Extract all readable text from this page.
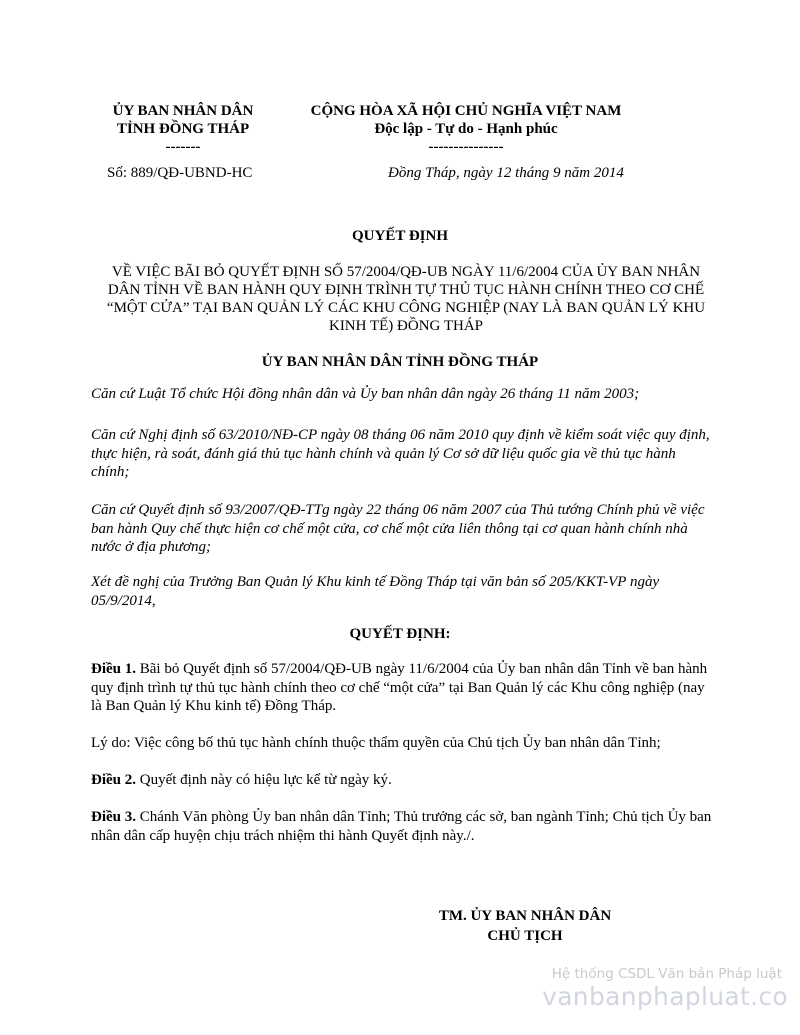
ỦY BAN NHÂN DÂN
TỈNH ĐỒNG THÁP
-------
CỘNG HÒA XÃ HỘI CHỦ NGHĨA VIỆT NAM
Độc lập - Tự do - Hạnh phúc
---------------
Số: 889/QĐ-UBND-HC	Đồng Tháp, ngày 12 tháng 9 năm 2014
QUYẾT ĐỊNH
VỀ VIỆC BÃI BỎ QUYẾT ĐỊNH SỐ 57/2004/QĐ-UB NGÀY 11/6/2004 CỦA ỦY BAN NHÂN DÂN TỈNH VỀ BAN HÀNH QUY ĐỊNH TRÌNH TỰ THỦ TỤC HÀNH CHÍNH THEO CƠ CHẾ “MỘT CỬA” TẠI BAN QUẢN LÝ CÁC KHU CÔNG NGHIỆP (NAY LÀ BAN QUẢN LÝ KHU KINH TẾ) ĐỒNG THÁP
ỦY BAN NHÂN DÂN TỈNH ĐỒNG THÁP
Căn cứ Luật Tổ chức Hội đồng nhân dân và Ủy ban nhân dân ngày 26 tháng 11 năm 2003;
Căn cứ Nghị định số 63/2010/NĐ-CP ngày 08 tháng 06 năm 2010 quy định về kiểm soát việc quy định, thực hiện, rà soát, đánh giá thủ tục hành chính và quản lý Cơ sở dữ liệu quốc gia về thủ tục hành chính;
Căn cứ Quyết định số 93/2007/QĐ-TTg ngày 22 tháng 06 năm 2007 của Thủ tướng Chính phủ về việc ban hành Quy chế thực hiện cơ chế một cửa, cơ chế một cửa liên thông tại cơ quan hành chính nhà nước ở địa phương;
Xét đề nghị của Trưởng Ban Quản lý Khu kinh tế Đồng Tháp tại văn bản số 205/KKT-VP ngày 05/9/2014,
QUYẾT ĐỊNH:
Điều 1. Bãi bỏ Quyết định số 57/2004/QĐ-UB ngày 11/6/2004 của Ủy ban nhân dân Tỉnh về ban hành quy định trình tự thủ tục hành chính theo cơ chế “một cửa” tại Ban Quản lý các Khu công nghiệp (nay là Ban Quản lý Khu kinh tế) Đồng Tháp.
Lý do: Việc công bố thủ tục hành chính thuộc thẩm quyền của Chủ tịch Ủy ban nhân dân Tỉnh;
Điều 2. Quyết định này có hiệu lực kể từ ngày ký.
Điều 3. Chánh Văn phòng Ủy ban nhân dân Tỉnh; Thủ trưởng các sở, ban ngành Tỉnh; Chủ tịch Ủy ban nhân dân cấp huyện chịu trách nhiệm thi hành Quyết định này./.
TM. ỦY BAN NHÂN DÂN
CHỦ TỊCH
Hệ thống CSDL Văn bản Pháp luật
vanbanphapluat.co
